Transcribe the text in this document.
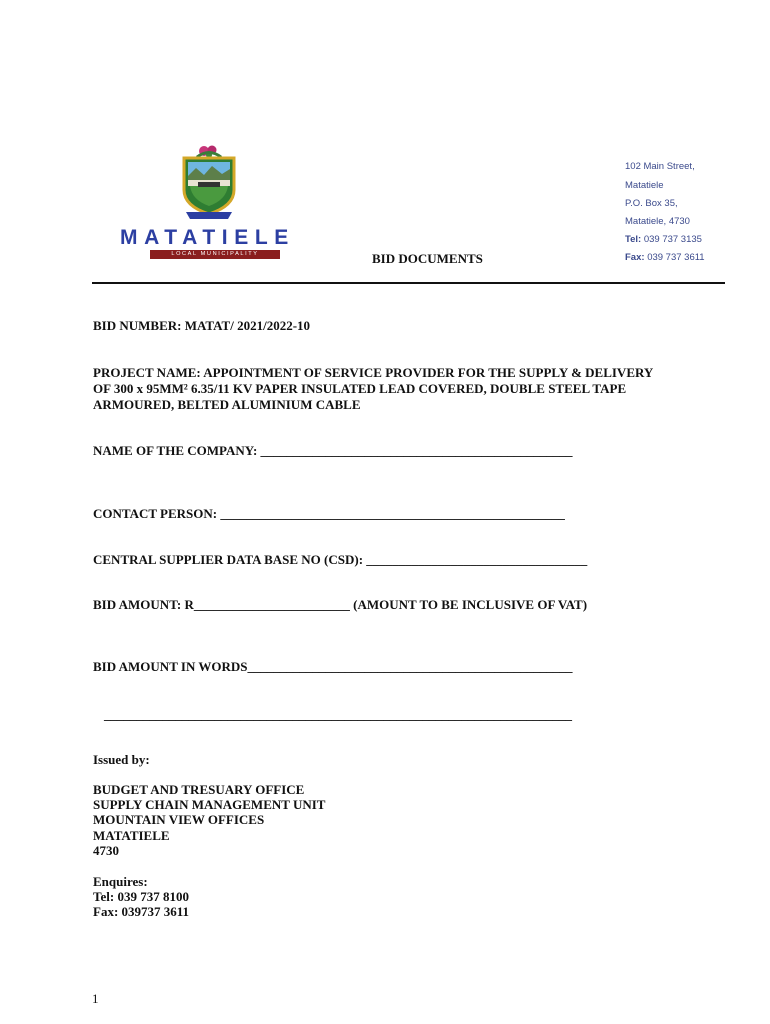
MATATIELE
LOCAL MUNICIPALITY
102 Main Street,
Matatiele
P.O. Box 35,
Matatiele, 4730
Tel: 039 737 3135
Fax: 039 737 3611
BID DOCUMENTS
BID NUMBER: MATAT/ 2021/2022-10
PROJECT NAME: APPOINTMENT OF SERVICE PROVIDER FOR THE SUPPLY & DELIVERY
OF 300 x 95MM² 6.35/11 KV PAPER INSULATED LEAD COVERED, DOUBLE STEEL TAPE
ARMOURED, BELTED ALUMINIUM CABLE
NAME OF THE COMPANY: ________________________________________________
CONTACT PERSON: _____________________________________________________
CENTRAL SUPPLIER DATA BASE NO (CSD): __________________________________
BID AMOUNT: R________________________ (AMOUNT TO BE INCLUSIVE OF VAT)
BID AMOUNT IN WORDS__________________________________________________
________________________________________________________________________
Issued by:
BUDGET AND TRESUARY OFFICE
SUPPLY CHAIN MANAGEMENT UNIT
MOUNTAIN VIEW OFFICES
MATATIELE
4730
Enquires:
Tel: 039 737 8100
Fax: 039737 3611
1
